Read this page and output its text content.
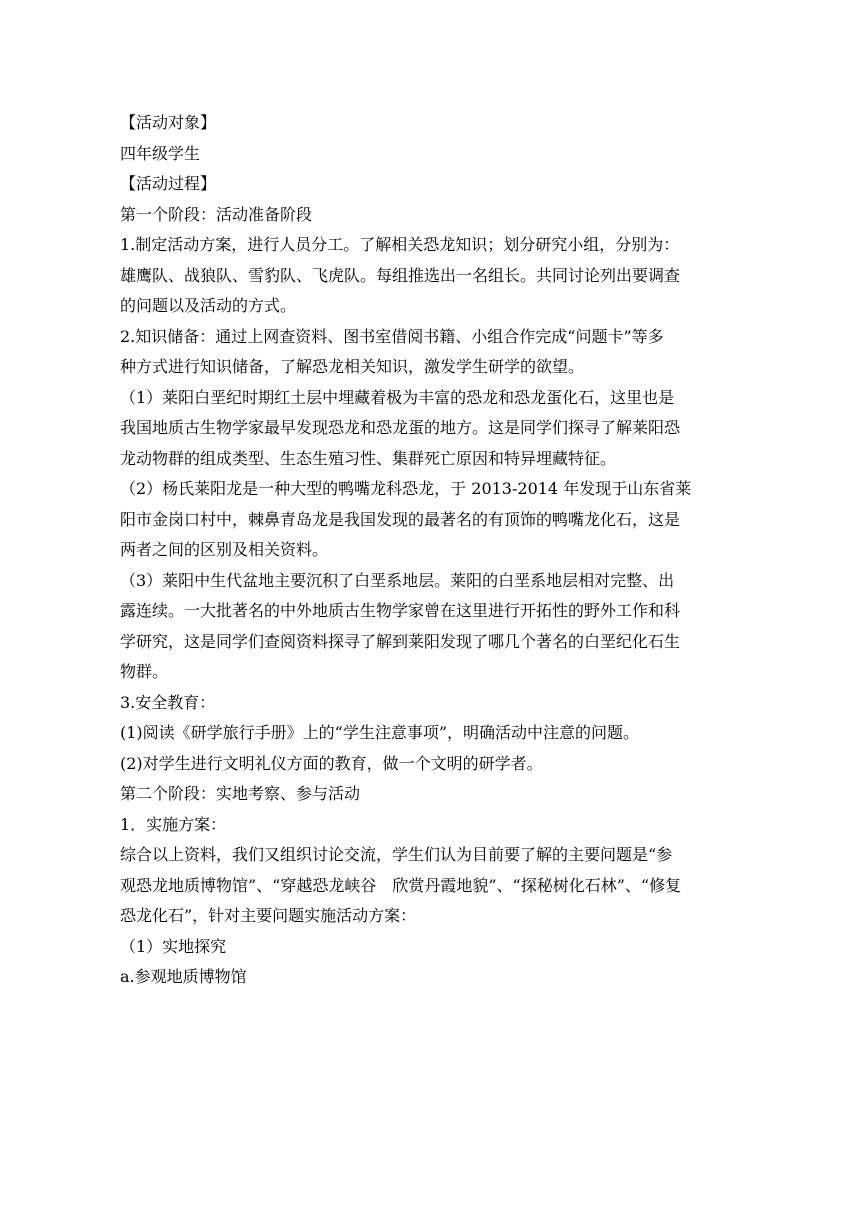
【活动对象】
四年级学生
【活动过程】
第一个阶段：活动准备阶段
1.制定活动方案，进行人员分工。了解相关恐龙知识；划分研究小组，分别为：
雄鹰队、战狼队、雪豹队、飞虎队。每组推选出一名组长。共同讨论列出要调查
的问题以及活动的方式。
2.知识储备：通过上网查资料、图书室借阅书籍、小组合作完成“问题卡”等多
种方式进行知识储备，了解恐龙相关知识，激发学生研学的欲望。
（1）莱阳白垩纪时期红土层中埋藏着极为丰富的恐龙和恐龙蛋化石，这里也是
我国地质古生物学家最早发现恐龙和恐龙蛋的地方。这是同学们探寻了解莱阳恐
龙动物群的组成类型、生态生殖习性、集群死亡原因和特异埋藏特征。
（2）杨氏莱阳龙是一种大型的鸭嘴龙科恐龙，于 2013-2014 年发现于山东省莱
阳市金岗口村中，棘鼻青岛龙是我国发现的最著名的有顶饰的鸭嘴龙化石，这是
两者之间的区别及相关资料。
（3）莱阳中生代盆地主要沉积了白垩系地层。莱阳的白垩系地层相对完整、出
露连续。一大批著名的中外地质古生物学家曾在这里进行开拓性的野外工作和科
学研究，这是同学们查阅资料探寻了解到莱阳发现了哪几个著名的白垩纪化石生
物群。
3.安全教育：
(1)阅读《研学旅行手册》上的“学生注意事项”，明确活动中注意的问题。
(2)对学生进行文明礼仪方面的教育，做一个文明的研学者。
第二个阶段：实地考察、参与活动
1．实施方案：
综合以上资料，我们又组织讨论交流，学生们认为目前要了解的主要问题是“参
观恐龙地质博物馆”、“穿越恐龙峡谷　欣赏丹霞地貌”、“探秘树化石林”、“修复
恐龙化石”，针对主要问题实施活动方案：
（1）实地探究
a.参观地质博物馆
